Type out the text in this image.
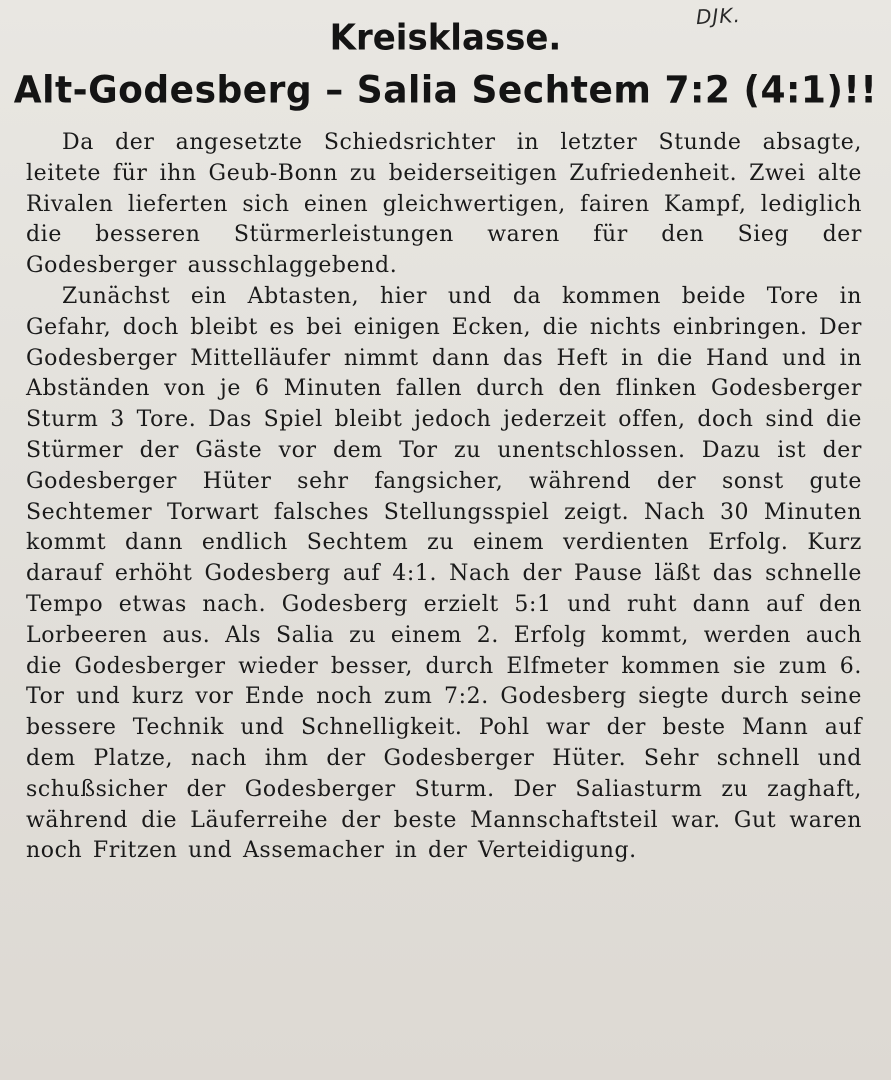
DJK.
Kreisklasse.
Alt-Godesberg – Salia Sechtem 7:2 (4:1)!!

Da der angesetzte Schiedsrichter in letzter Stunde absagte, leitete für ihn Geub-Bonn zu beiderseitigen Zufriedenheit. Zwei alte Rivalen lieferten sich einen gleichwertigen, fairen Kampf, lediglich die besseren Stürmerleistungen waren für den Sieg der Godesberger ausschlaggebend.

Zunächst ein Abtasten, hier und da kommen beide Tore in Gefahr, doch bleibt es bei einigen Ecken, die nichts einbringen. Der Godesberger Mittelläufer nimmt dann das Heft in die Hand und in Abständen von je 6 Minuten fallen durch den flinken Godesberger Sturm 3 Tore. Das Spiel bleibt jedoch jederzeit offen, doch sind die Stürmer der Gäste vor dem Tor zu unentschlossen. Dazu ist der Godesberger Hüter sehr fangsicher, während der sonst gute Sechtemer Torwart falsches Stellungsspiel zeigt. Nach 30 Minuten kommt dann endlich Sechtem zu einem verdienten Erfolg. Kurz darauf erhöht Godesberg auf 4:1. Nach der Pause läßt das schnelle Tempo etwas nach. Godesberg erzielt 5:1 und ruht dann auf den Lorbeeren aus. Als Salia zu einem 2. Erfolg kommt, werden auch die Godesberger wieder besser, durch Elfmeter kommen sie zum 6. Tor und kurz vor Ende noch zum 7:2. Godesberg siegte durch seine bessere Technik und Schnelligkeit. Pohl war der beste Mann auf dem Platze, nach ihm der Godesberger Hüter. Sehr schnell und schußsicher der Godesberger Sturm. Der Saliasturm zu zaghaft, während die Läuferreihe der beste Mannschaftsteil war. Gut waren noch Fritzen und Assemacher in der Verteidigung.
